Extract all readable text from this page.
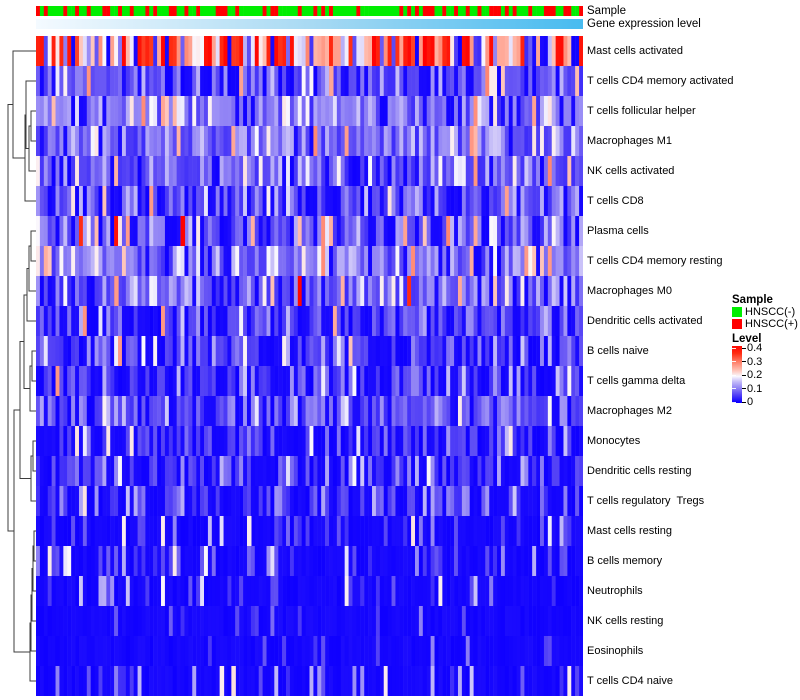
Sample
Gene expression level
Mast cells activated
T cells CD4 memory activated
T cells follicular helper
Macrophages M1
NK cells activated
T cells CD8
Plasma cells
T cells CD4 memory resting
Macrophages M0
Dendritic cells activated
B cells naive
T cells gamma delta
Macrophages M2
Monocytes
Dendritic cells resting
T cells regulatory  Tregs
Mast cells resting
B cells memory
Neutrophils
NK cells resting
Eosinophils
T cells CD4 naive
Sample
HNSCC(-)
HNSCC(+)
Level
0.4
0.3
0.2
0.1
0
